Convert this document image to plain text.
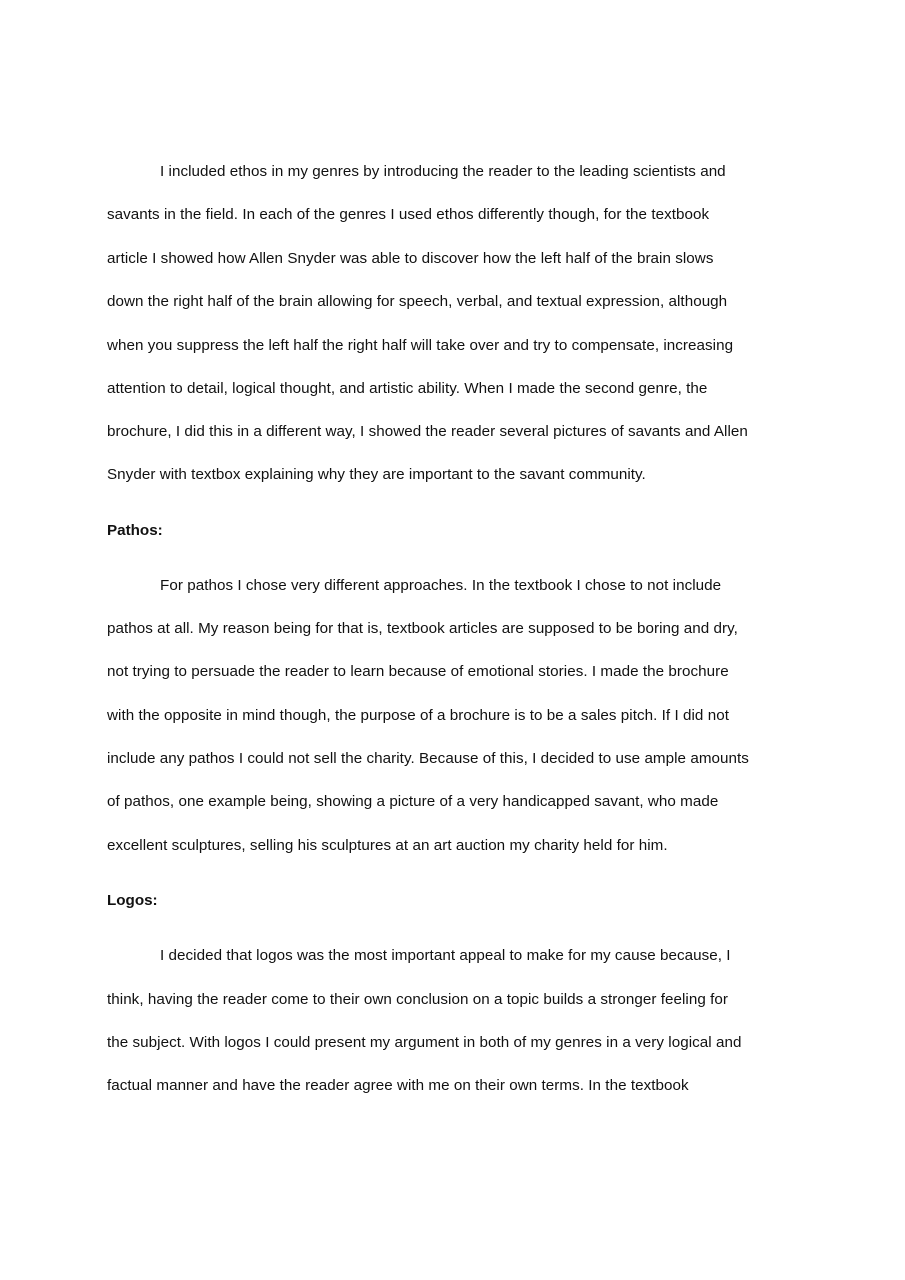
I included ethos in my genres by introducing the reader to the leading scientists and
savants in the field. In each of the genres I used ethos differently though, for the textbook
article I showed how Allen Snyder was able to discover how the left half of the brain slows
down the right half of the brain allowing for speech, verbal, and textual expression, although
when you suppress the left half the right half will take over and try to compensate, increasing
attention to detail, logical thought, and artistic ability. When I made the second genre, the
brochure, I did this in a different way, I showed the reader several pictures of savants and Allen
Snyder with textbox explaining why they are important to the savant community.
Pathos:
For pathos I chose very different approaches. In the textbook I chose to not include
pathos at all. My reason being for that is, textbook articles are supposed to be boring and dry,
not trying to persuade the reader to learn because of emotional stories. I made the brochure
with the opposite in mind though, the purpose of a brochure is to be a sales pitch. If I did not
include any pathos I could not sell the charity. Because of this, I decided to use ample amounts
of pathos, one example being, showing a picture of a very handicapped savant, who made
excellent sculptures, selling his sculptures at an art auction my charity held for him.
Logos:
I decided that logos was the most important appeal to make for my cause because, I
think, having the reader come to their own conclusion on a topic builds a stronger feeling for
the subject. With logos I could present my argument in both of my genres in a very logical and
factual manner and have the reader agree with me on their own terms. In the textbook
